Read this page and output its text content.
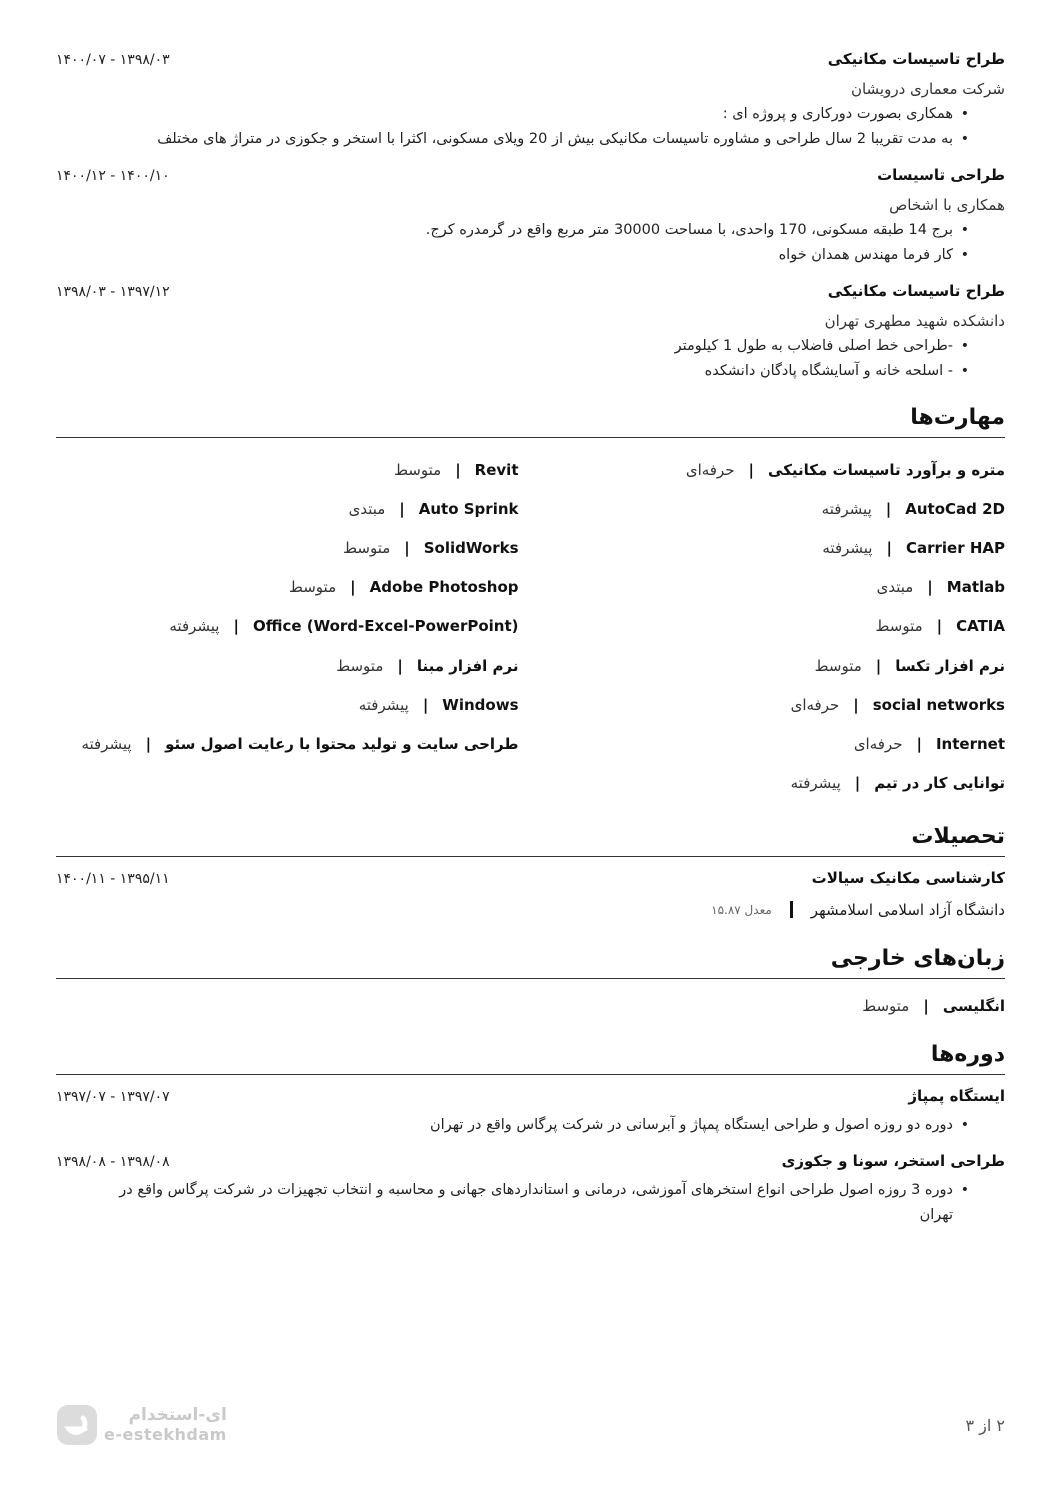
طراح تاسیسات مکانیکی
۱۴۰۰/۰۷ - ۱۳۹۸/۰۳
شرکت معماری درویشان
• همکاری بصورت دورکاری و پروژه ای :
• به مدت تقریبا 2 سال طراحی و مشاوره تاسیسات مکانیکی بیش از 20 ویلای مسکونی، اکثرا با استخر و جکوزی در متراژ های مختلف
طراحی تاسیسات
۱۴۰۰/۱۲ - ۱۴۰۰/۱۰
همکاری با اشخاص
• برج 14 طبقه مسکونی، 170 واحدی، با مساحت 30000 متر مربع واقع در گرمدره کرج.
• کار فرما مهندس همدان خواه
طراح تاسیسات مکانیکی
۱۳۹۸/۰۳ - ۱۳۹۷/۱۲
دانشکده شهید مطهری تهران
• -طراحی خط اصلی فاضلاب به طول 1 کیلومتر
• - اسلحه خانه و آسایشگاه پادگان دانشکده
مهارت‌ها
متره و برآورد تاسیسات مکانیکی
|
حرفه‌ای
Revit
|
متوسط
AutoCad 2D
|
پیشرفته
Auto Sprink
|
مبتدی
Carrier HAP
|
پیشرفته
SolidWorks
|
متوسط
Matlab
|
مبتدی
Adobe Photoshop
|
متوسط
CATIA
|
متوسط
Office (Word-Excel-PowerPoint)
|
پیشرفته
نرم افزار تکسا
|
متوسط
نرم افزار مبنا
|
متوسط
social networks
|
حرفه‌ای
Windows
|
پیشرفته
Internet
|
حرفه‌ای
طراحی سایت و تولید محتوا با رعایت اصول سئو
|
پیشرفته
توانایی کار در تیم
|
پیشرفته
تحصیلات
کارشناسی مکانیک سیالات
۱۴۰۰/۱۱ - ۱۳۹۵/۱۱
دانشگاه آزاد اسلامی اسلامشهر
معدل ۱۵.۸۷
زبان‌های خارجی
انگلیسی
|
متوسط
دوره‌ها
ایستگاه پمپاژ
۱۳۹۷/۰۷ - ۱۳۹۷/۰۷
• دوره دو روزه اصول و طراحی ایستگاه پمپاژ و آبرسانی در شرکت پرگاس واقع در تهران
طراحی استخر، سونا و جکوزی
۱۳۹۸/۰۸ - ۱۳۹۸/۰۸
• دوره 3 روزه اصول طراحی انواع استخرهای آموزشی، درمانی و استانداردهای جهانی و محاسبه و انتخاب تجهیزات در شرکت پرگاس واقع در تهران
۲ از ۳
ای-استخدام
e-estekhdam
